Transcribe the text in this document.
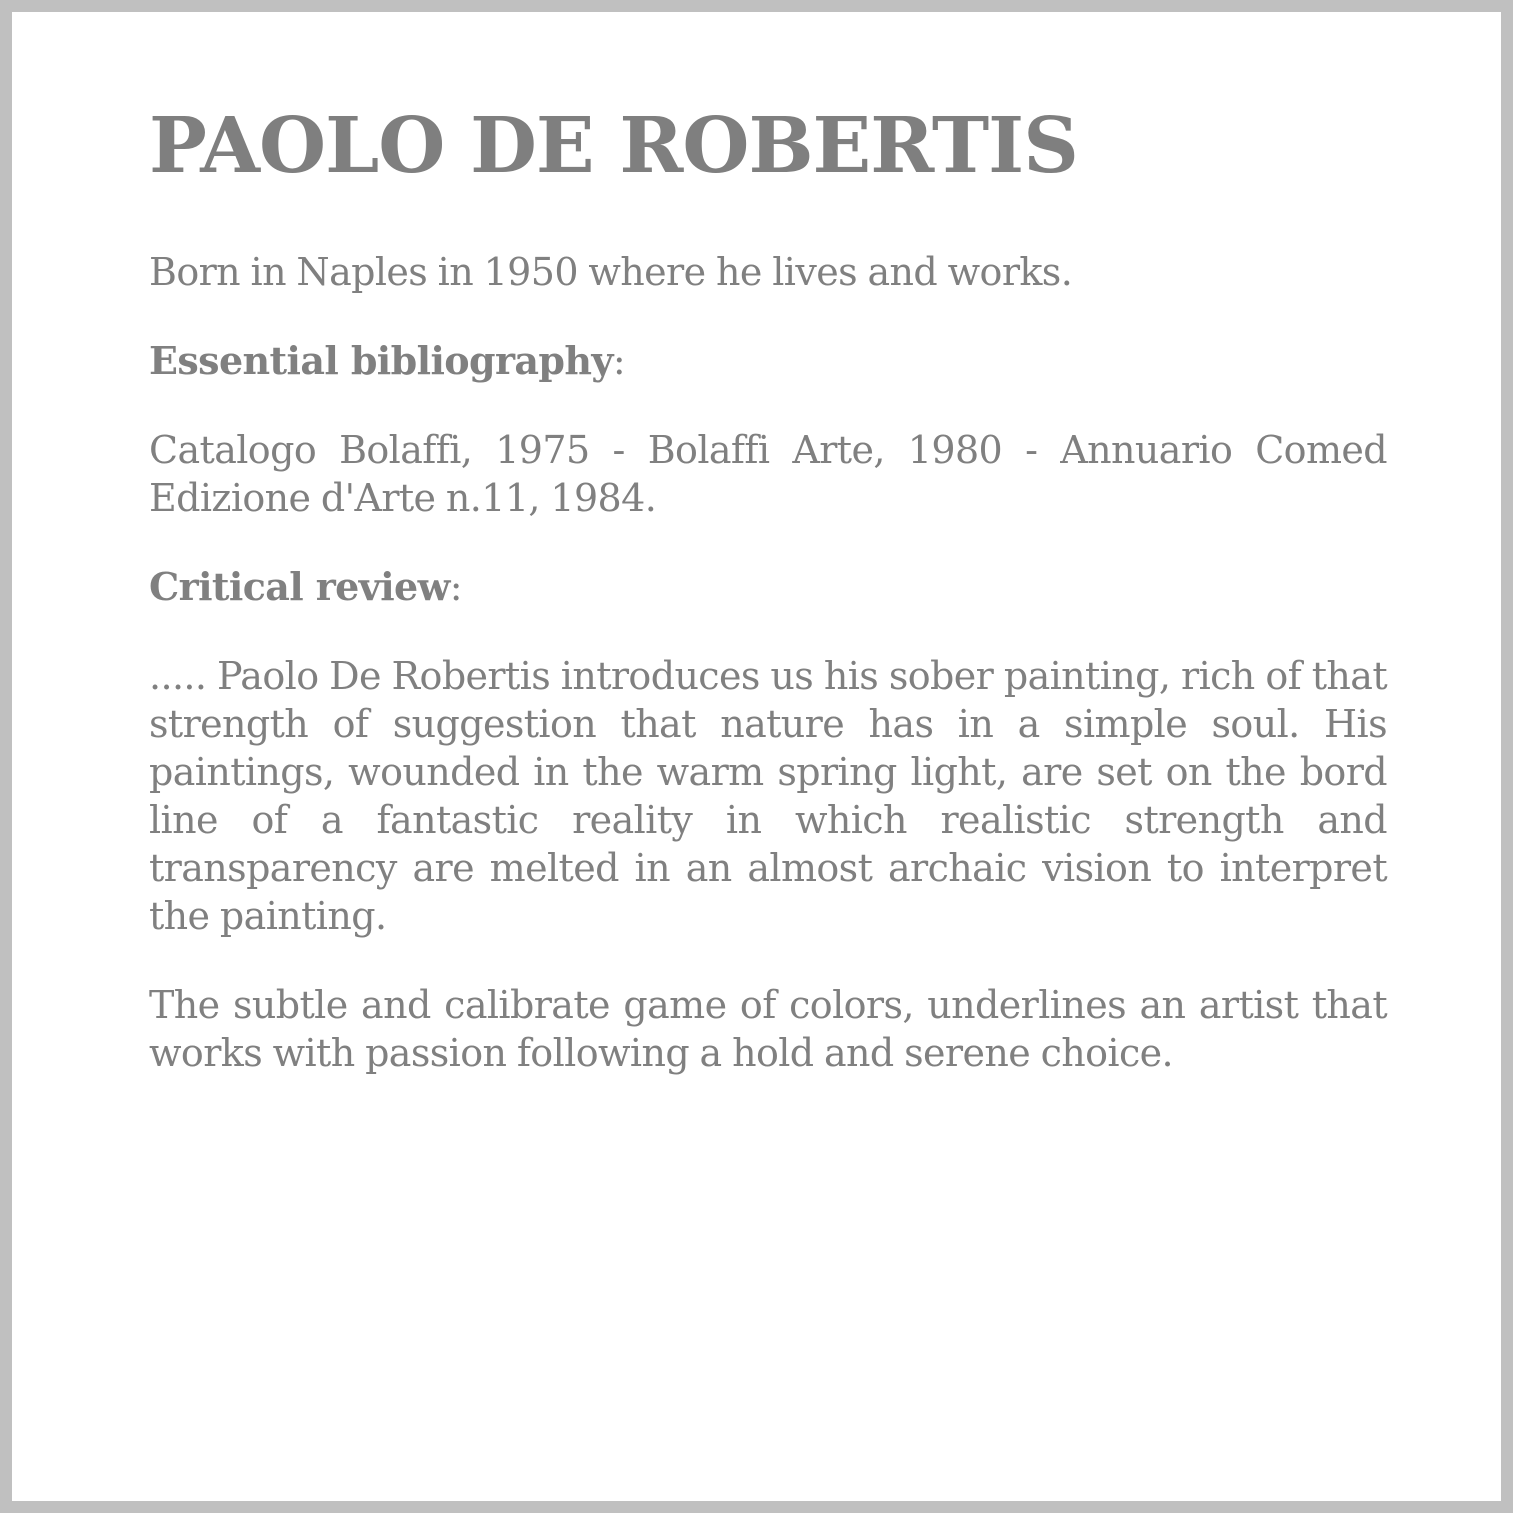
PAOLO DE ROBERTIS

Born in Naples in 1950 where he lives and works.

Essential bibliography:

Catalogo Bolaffi, 1975 - Bolaffi Arte, 1980 - Annuario Comed Edizione d'Arte n.11, 1984.

Critical review:

..... Paolo De Robertis introduces us his sober painting, rich of that strength of suggestion that nature has in a simple soul. His paintings, wounded in the warm spring light, are set on the bord line of a fantastic reality in which realistic strength and transparency are melted in an almost archaic vision to interpret the painting.

The subtle and calibrate game of colors, underlines an artist that works with passion following a hold and serene choice.
